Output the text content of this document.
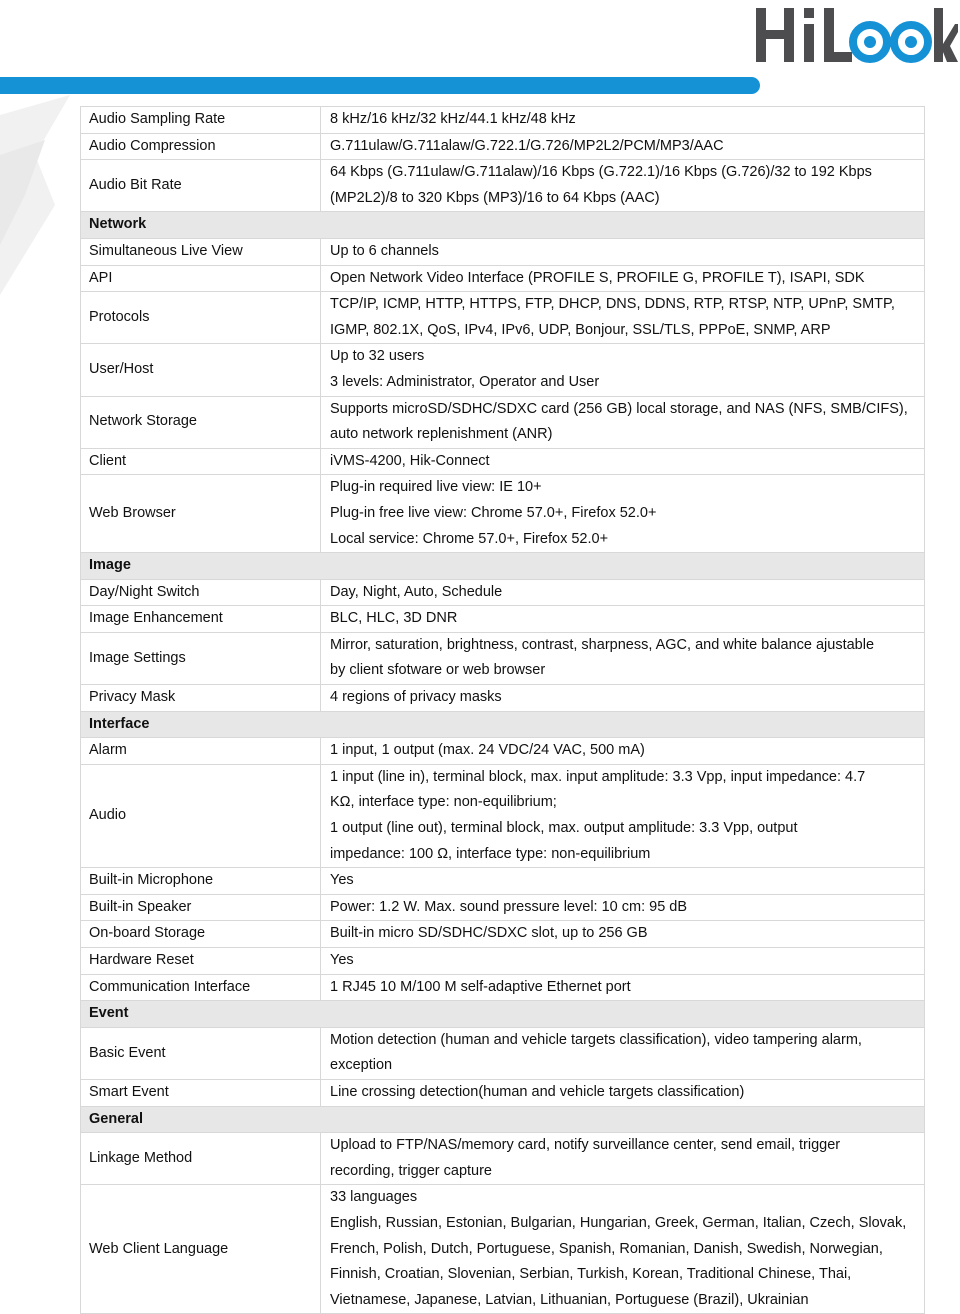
Audio Sampling Rate	8 kHz/16 kHz/32 kHz/44.1 kHz/48 kHz

Audio Compression	G.711ulaw/G.711alaw/G.722.1/G.726/MP2L2/PCM/MP3/AAC

Audio Bit Rate	64 Kbps (G.711ulaw/G.711alaw)/16 Kbps (G.722.1)/16 Kbps (G.726)/32 to 192 Kbps
(MP2L2)/8 to 320 Kbps (MP3)/16 to 64 Kbps (AAC)

Network	
Simultaneous Live View	Up to 6 channels

API	Open Network Video Interface (PROFILE S, PROFILE G, PROFILE T), ISAPI, SDK

Protocols	TCP/IP, ICMP, HTTP, HTTPS, FTP, DHCP, DNS, DDNS, RTP, RTSP, NTP, UPnP, SMTP,
IGMP, 802.1X, QoS, IPv4, IPv6, UDP, Bonjour, SSL/TLS, PPPoE, SNMP, ARP

User/Host	Up to 32 users
3 levels: Administrator, Operator and User

Network Storage	Supports microSD/SDHC/SDXC card (256 GB) local storage, and NAS (NFS, SMB/CIFS),
auto network replenishment (ANR)

Client	iVMS-4200, Hik-Connect

Web Browser	Plug-in required live view: IE 10+
Plug-in free live view: Chrome 57.0+, Firefox 52.0+
Local service: Chrome 57.0+, Firefox 52.0+

Image	
Day/Night Switch	Day, Night, Auto, Schedule

Image Enhancement	BLC, HLC, 3D DNR

Image Settings	Mirror, saturation, brightness, contrast, sharpness, AGC, and white balance ajustable
by client sfotware or web browser

Privacy Mask	4 regions of privacy masks

Interface	
Alarm	1 input, 1 output (max. 24 VDC/24 VAC, 500 mA)

Audio	1 input (line in), terminal block, max. input amplitude: 3.3 Vpp, input impedance: 4.7
KΩ, interface type: non-equilibrium;
1 output (line out), terminal block, max. output amplitude: 3.3 Vpp, output
impedance: 100 Ω, interface type: non-equilibrium

Built-in Microphone	Yes

Built-in Speaker	Power: 1.2 W. Max. sound pressure level: 10 cm: 95 dB

On-board Storage	Built-in micro SD/SDHC/SDXC slot, up to 256 GB

Hardware Reset	Yes

Communication Interface	1 RJ45 10 M/100 M self-adaptive Ethernet port

Event	
Basic Event	Motion detection (human and vehicle targets classification), video tampering alarm,
exception

Smart Event	Line crossing detection(human and vehicle targets classification)

General	
Linkage Method	Upload to FTP/NAS/memory card, notify surveillance center, send email, trigger
recording, trigger capture

Web Client Language	33 languages
English, Russian, Estonian, Bulgarian, Hungarian, Greek, German, Italian, Czech, Slovak,
French, Polish, Dutch, Portuguese, Spanish, Romanian, Danish, Swedish, Norwegian,
Finnish, Croatian, Slovenian, Serbian, Turkish, Korean, Traditional Chinese, Thai,
Vietnamese, Japanese, Latvian, Lithuanian, Portuguese (Brazil), Ukrainian
